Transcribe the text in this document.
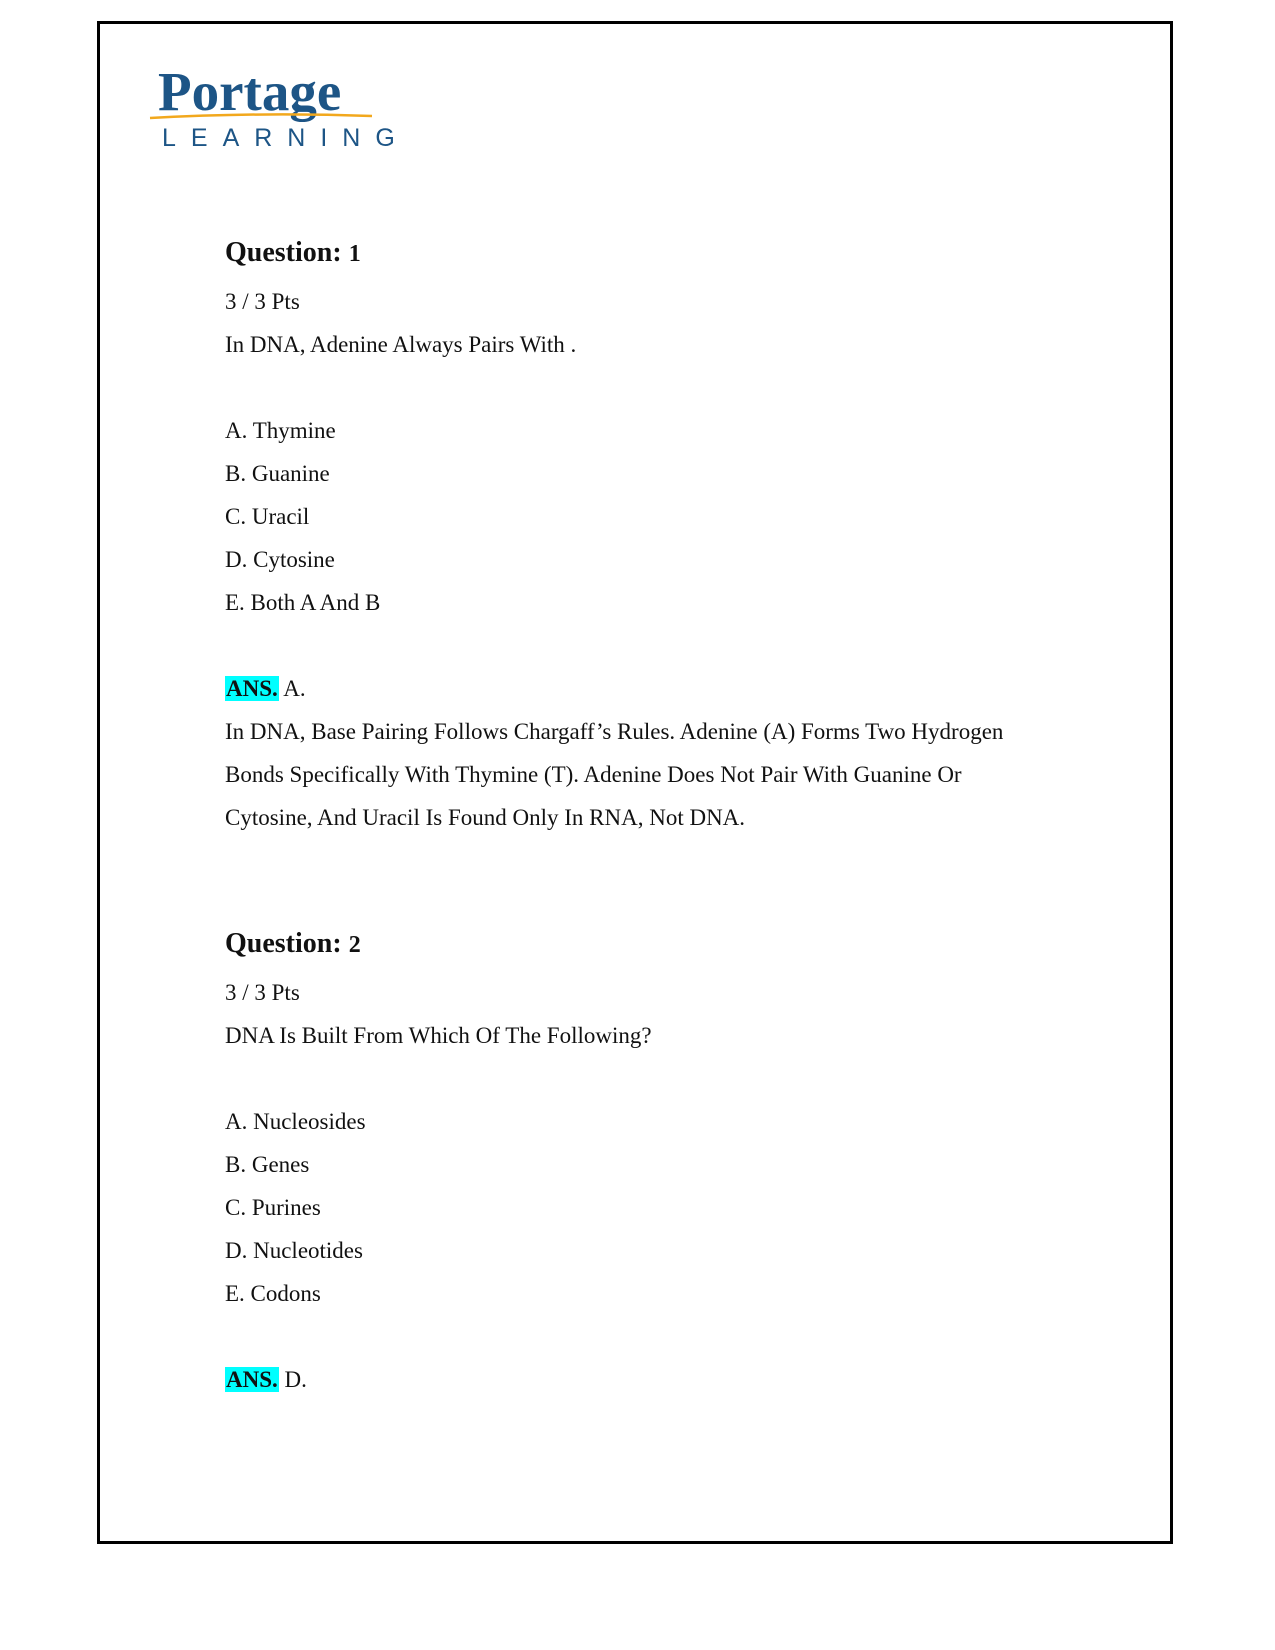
Portage
LEARNING
Question: 1

3 / 3 Pts

In DNA, Adenine Always Pairs With .

A. Thymine

B. Guanine

C. Uracil

D. Cytosine

E. Both A And B

ANS. A.

In DNA, Base Pairing Follows Chargaff’s Rules. Adenine (A) Forms Two Hydrogen

Bonds Specifically With Thymine (T). Adenine Does Not Pair With Guanine Or

Cytosine, And Uracil Is Found Only In RNA, Not DNA.

Question: 2

3 / 3 Pts

DNA Is Built From Which Of The Following?

A. Nucleosides

B. Genes

C. Purines

D. Nucleotides

E. Codons

ANS. D.
